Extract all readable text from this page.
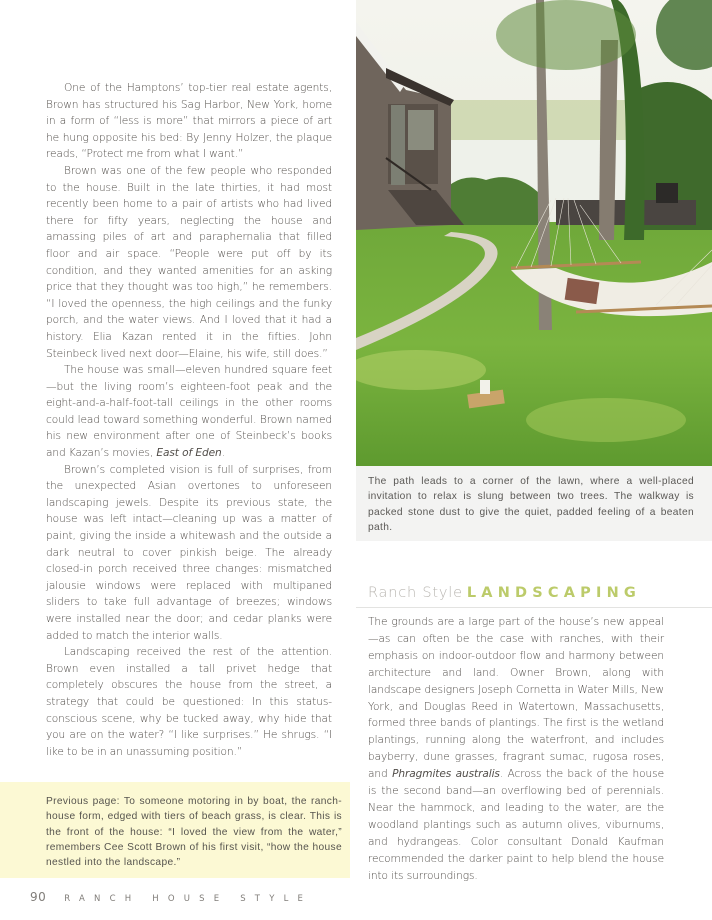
One of the Hamptons’ top-tier real estate agents, Brown has structured his Sag Harbor, New York, home in a form of “less is more” that mirrors a piece of art he hung opposite his bed: By Jenny Holzer, the plaque reads, “Protect me from what I want.”

Brown was one of the few people who responded to the house. Built in the late thirties, it had most recently been home to a pair of artists who had lived there for fifty years, neglecting the house and amassing piles of art and paraphernalia that filled floor and air space. “People were put off by its condition, and they wanted amenities for an asking price that they thought was too high,” he remembers. “I loved the openness, the high ceilings and the funky porch, and the water views. And I loved that it had a history. Elia Kazan rented it in the fifties. John Steinbeck lived next door—Elaine, his wife, still does.”

The house was small—eleven hundred square feet—but the living room’s eighteen-foot peak and the eight-and-a-half-foot-tall ceilings in the other rooms could lead toward something wonderful. Brown named his new environment after one of Steinbeck’s books and Kazan’s movies, East of Eden.

Brown’s completed vision is full of surprises, from the unexpected Asian overtones to unforeseen landscaping jewels. Despite its previous state, the house was left intact—cleaning up was a matter of paint, giving the inside a whitewash and the outside a dark neutral to cover pinkish beige. The already closed-in porch received three changes: mismatched jalousie windows were replaced with multipaned sliders to take full advantage of breezes; windows were installed near the door; and cedar planks were added to match the interior walls.

Landscaping received the rest of the attention. Brown even installed a tall privet hedge that completely obscures the house from the street, a strategy that could be questioned: In this status-conscious scene, why be tucked away, why hide that you are on the water? “I like surprises.” He shrugs. “I like to be in an unassuming position.”

The path leads to a corner of the lawn, where a well-placed invitation to relax is slung between two trees. The walkway is packed stone dust to give the quiet, padded feeling of a beaten path.

Ranch Style LANDSCAPING

The grounds are a large part of the house’s new appeal—as can often be the case with ranches, with their emphasis on indoor-outdoor flow and harmony between architecture and land. Owner Brown, along with landscape designers Joseph Cornetta in Water Mills, New York, and Douglas Reed in Watertown, Massachusetts, formed three bands of plantings. The first is the wetland plantings, running along the waterfront, and includes bayberry, dune grasses, fragrant sumac, rugosa roses, and Phragmites australis. Across the back of the house is the second band—an overflowing bed of perennials. Near the hammock, and leading to the water, are the woodland plantings such as autumn olives, viburnums, and hydrangeas. Color consultant Donald Kaufman recommended the darker paint to help blend the house into its surroundings.

Previous page: To someone motoring in by boat, the ranch-house form, edged with tiers of beach grass, is clear. This is the front of the house: “I loved the view from the water,” remembers Cee Scott Brown of his first visit, “how the house nestled into the landscape.”

90 RANCH HOUSE STYLE
